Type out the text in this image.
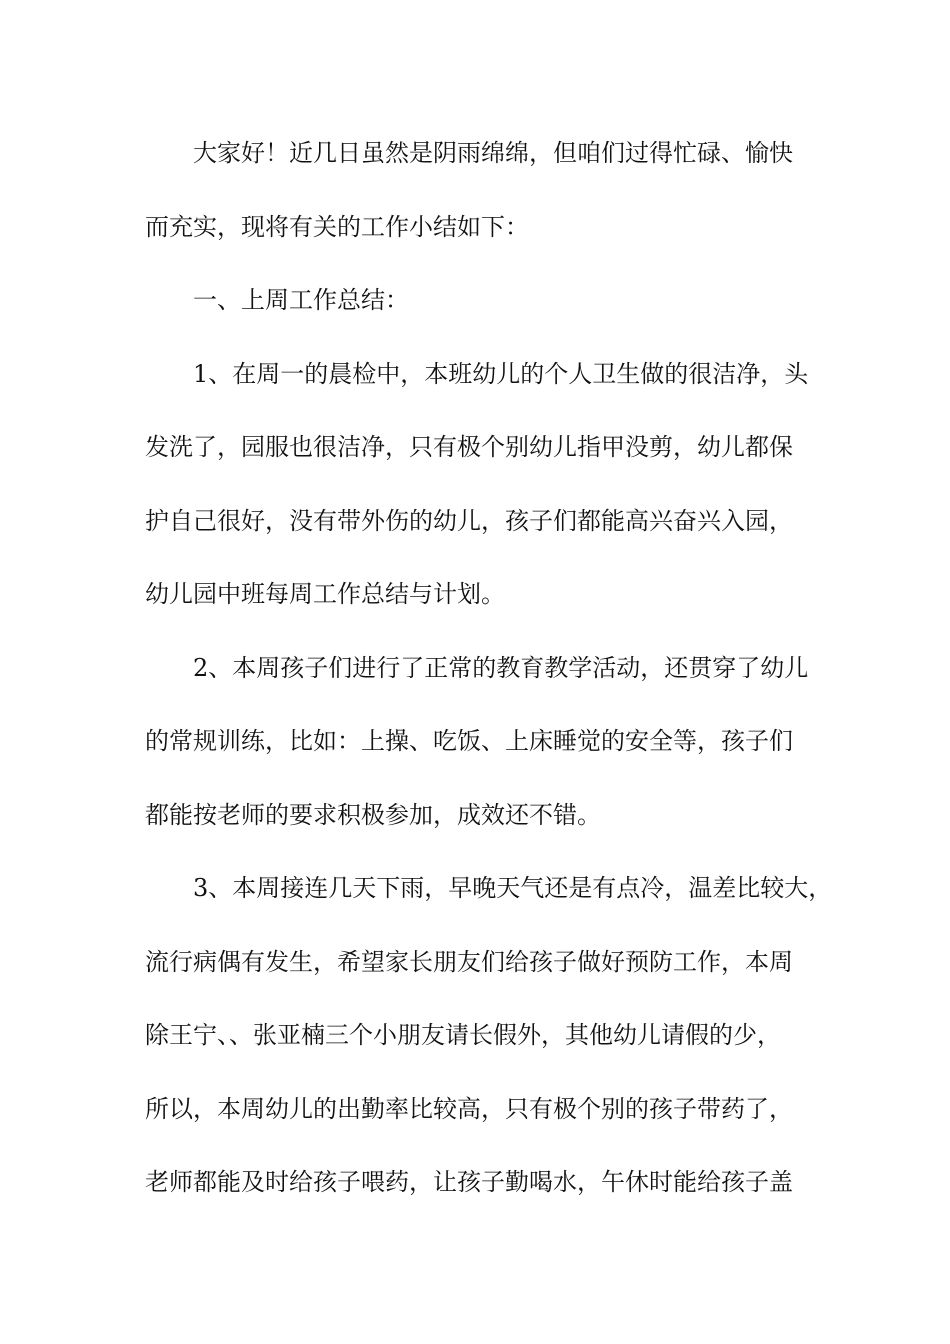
大家好！近几日虽然是阴雨绵绵，但咱们过得忙碌、愉快
而充实，现将有关的工作小结如下：
一、上周工作总结：
1、在周一的晨检中，本班幼儿的个人卫生做的很洁净，头
发洗了，园服也很洁净，只有极个别幼儿指甲没剪，幼儿都保
护自己很好，没有带外伤的幼儿，孩子们都能高兴奋兴入园，
幼儿园中班每周工作总结与计划。
2、本周孩子们进行了正常的教育教学活动，还贯穿了幼儿
的常规训练，比如：上操、吃饭、上床睡觉的安全等，孩子们
都能按老师的要求积极参加，成效还不错。
3、本周接连几天下雨，早晚天气还是有点冷，温差比较大，
流行病偶有发生，希望家长朋友们给孩子做好预防工作，本周
除王宁、、张亚楠三个小朋友请长假外，其他幼儿请假的少，
所以，本周幼儿的出勤率比较高，只有极个别的孩子带药了，
老师都能及时给孩子喂药，让孩子勤喝水，午休时能给孩子盖
